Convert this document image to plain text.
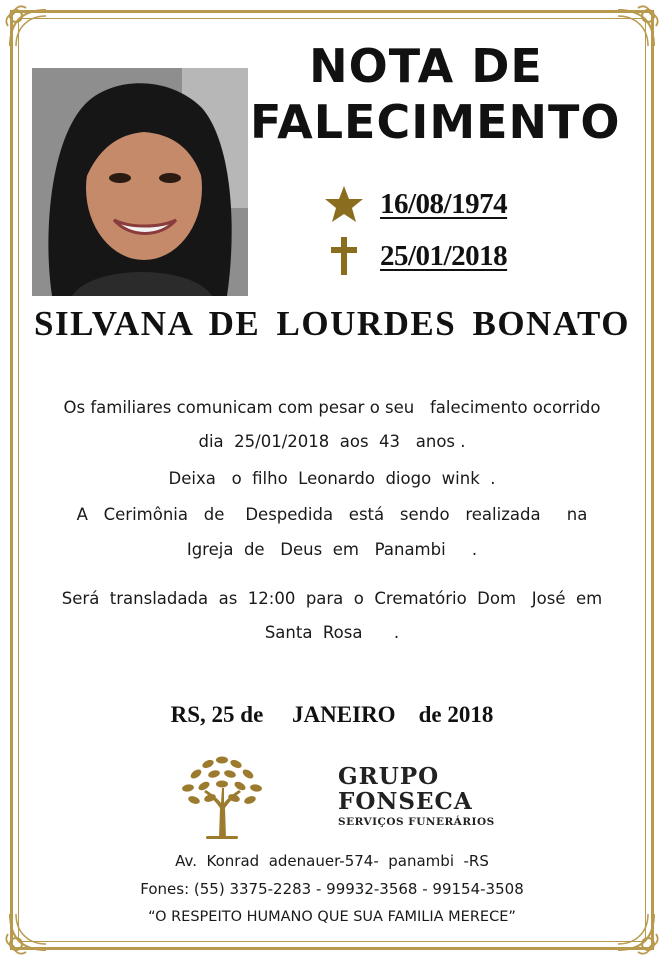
NOTA DE
FALECIMENTO
16/08/1974
25/01/2018
SILVANA DE LOURDES BONATO
Os familiares comunicam com pesar o seu   falecimento ocorrido
dia  25/01/2018  aos  43   anos .
Deixa   o  filho  Leonardo  diogo  wink  .
A   Cerimônia   de    Despedida   está   sendo   realizada     na
Igreja  de   Deus  em   Panambi     .
Será  transladada  as  12:00  para  o  Crematório  Dom   José  em
Santa  Rosa      .
RS, 25 de     JANEIRO    de 2018
GRUPO
FONSECA
SERVIÇOS FUNERÁRIOS
Av.  Konrad  adenauer-574-  panambi  -RS
Fones: (55) 3375-2283 - 99932-3568 - 99154-3508
“O RESPEITO HUMANO QUE SUA FAMILIA MERECE”
